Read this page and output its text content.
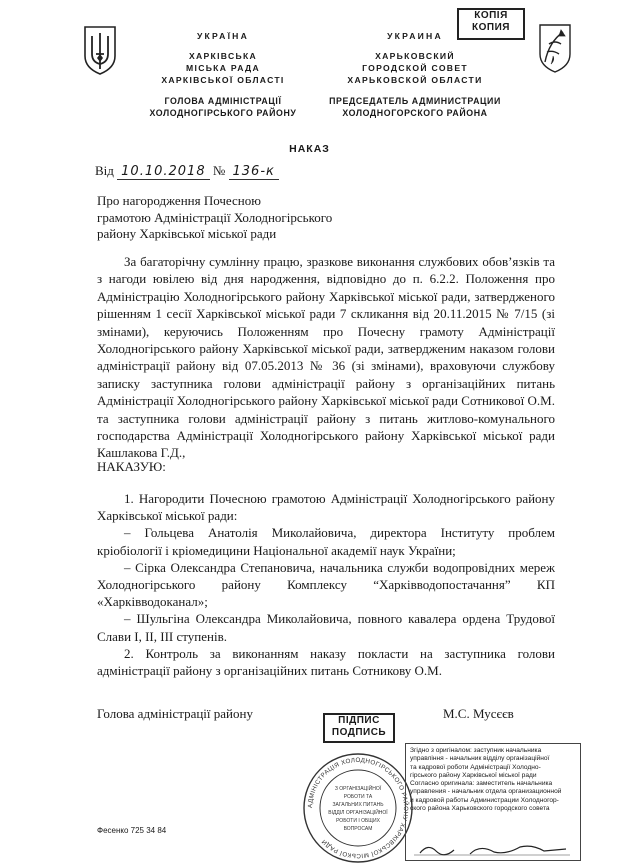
УКРАЇНА
ХАРКІВСЬКА
МІСЬКА РАДА
ХАРКІВСЬКОЇ ОБЛАСТІ
ГОЛОВА АДМІНІСТРАЦІЇ
ХОЛОДНОГІРСЬКОГО РАЙОНУ
УКРАИНА
ХАРЬКОВСКИЙ
ГОРОДСКОЙ СОВЕТ
ХАРЬКОВСКОЙ ОБЛАСТИ
ПРЕДСЕДАТЕЛЬ АДМИНИСТРАЦИИ
ХОЛОДНОГОРСКОГО РАЙОНА
КОПІЯ
КОПИЯ
НАКАЗ
Від 10.10.2018 № 136-к
Про нагородження Почесною
грамотою Адміністрації Холодногірського
району Харківської міської ради
За багаторічну сумлінну працю, зразкове виконання службових обов’язків та з нагоди ювілею від дня народження, відповідно до п. 6.2.2. Положення про Адміністрацію Холодногірського району Харківської міської ради, затвердженого рішенням 1 сесії Харківської міської ради 7 скликання від 20.11.2015 № 7/15 (зі змінами), керуючись Положенням про Почесну грамоту Адміністрації Холодногірського району Харківської міської ради, затвердженим наказом голови адміністрації району від 07.05.2013 № 36 (зі змінами), враховуючи службову записку заступника голови адміністрації району з організаційних питань Адміністрації Холодногірського району Харківської міської ради Сотникової О.М. та заступника голови адміністрації району з питань житлово-комунального господарства Адміністрації Холодногірського району Харківської міської ради Кашлакова Г.Д.,
НАКАЗУЮ:

1. Нагородити Почесною грамотою Адміністрації Холодногірського району Харківської міської ради:

– Гольцева Анатолія Миколайовича, директора Інституту проблем кріобіології і кріомедицини Національної академії наук України;

– Сірка Олександра Степановича, начальника служби водопровідних мереж Холодногірського району Комплексу “Харківводопостачання” КП «Харківводоканал»;

– Шульгіна Олександра Миколайовича, повного кавалера ордена Трудової Слави І, ІІ, ІІІ ступенів.

2. Контроль за виконанням наказу покласти на заступника голови адміністрації району з організаційних питань Сотникову О.М.

Голова адміністрації району	ПІДПИС
ПОДПИСЬ
М.С. Мусєєв
АДМІНІСТРАЦІЯ ХОЛОДНОГІРСЬКОГО РАЙОНУ ХАРКІВСЬКОЇ МІСЬКОЇ РАДИ
З ОРГАНІЗАЦІЙНОЇ
РОБОТИ ТА
ЗАГАЛЬНИХ ПИТАНЬ
ВІДДІЛ ОРГАНІЗАЦІЙНОЇ
РОБОТИ І ОБЩИХ
ВОПРОСАМ

Згідно з оригіналом: заступник начальника

управління - начальник відділу організаційної

та кадрової роботи Адміністрації Холодно-

гірського району Харківської міської ради

Согласно оригинала: заместитель начальника

управления - начальник отдела организационной

и кадровой работы Администрации Холодногор-

ского района Харьковского городского совета

Фесенко 725 34 84
